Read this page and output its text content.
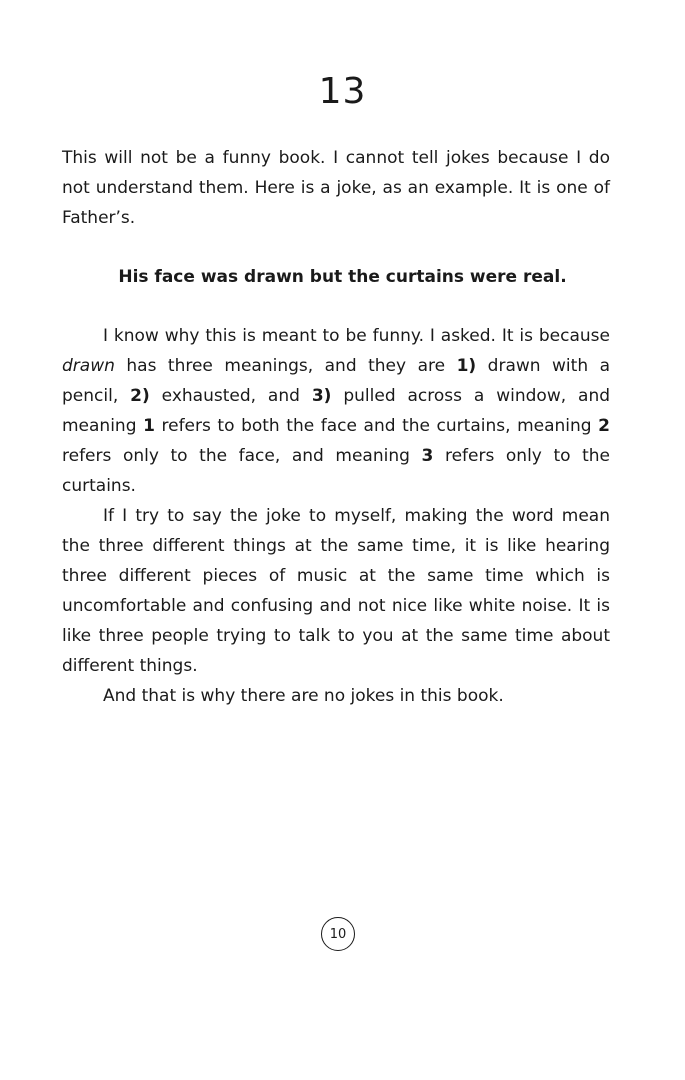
13

This will not be a funny book. I cannot tell jokes because I do not understand them. Here is a joke, as an example. It is one of Father’s.

His face was drawn but the curtains were real.

I know why this is meant to be funny. I asked. It is because drawn has three meanings, and they are 1) drawn with a pencil, 2) exhausted, and 3) pulled across a window, and meaning 1 refers to both the face and the curtains, meaning 2 refers only to the face, and meaning 3 refers only to the curtains.

If I try to say the joke to myself, making the word mean the three different things at the same time, it is like hearing three different pieces of music at the same time which is uncomfortable and confusing and not nice like white noise. It is like three people trying to talk to you at the same time about different things.

And that is why there are no jokes in this book.

10
